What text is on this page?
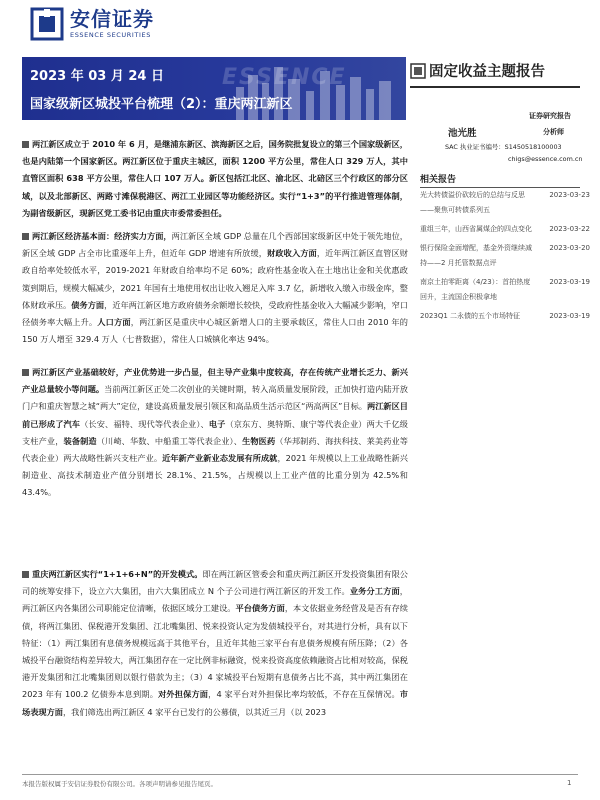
安信证券
ESSENCE SECURITIES
ESSENCE
2023 年 03 月 24 日
国家级新区城投平台梳理（2）：重庆两江新区
固定收益主题报告
证券研究报告
池光胜	分析师
SAC 执业证书编号：S1450518100003
chigs@essence.com.cn
相关报告
光大转债溢价砍较后的总结与反思——聚焦可转债系列五
2023-03-23
重组三年，山西省属煤企的四点变化	2023-03-22
银行保险金面增配，基金外资继续减持——2 月托管数据点评
2023-03-20
南京土拍零距离（4/23）：首拍热度回升，主流国企积极拿地
2023-03-19
2023Q1 二永债的五个市场特征	2023-03-19

两江新区成立于 2010 年 6 月，是继浦东新区、滨海新区之后，国务院批复设立的第三个国家级新区，也是内陆第一个国家新区。两江新区位于重庆主城区，面积 1200 平方公里，常住人口 329 万人，其中直管区面积 638 平方公里，常住人口 107 万人。新区包括江北区、渝北区、北碚区三个行政区的部分区域，以及北部新区、两路寸滩保税港区、两江工业园区等功能经济区。实行“1+3”的平行推进管理体制，为副省级新区，现新区党工委书记由重庆市委常委担任。

两江新区经济基本面：经济实力方面，两江新区全域 GDP 总量在几个西部国家级新区中处于领先地位，新区全域 GDP 占全市比重逐年上升，但近年 GDP 增速有所放缓，财政收入方面，近年两江新区直管区财政自给率处较低水平，2019-2021 年财政自给率均不足 60%；政府性基金收入在土地出让金和关优惠政策到期后，规模大幅减少，2021 年国有土地使用权出让收入翘足入库 3.7 亿，新增收入缴入市级金库，整体财政承压。债务方面，近年两江新区地方政府债务余额增长较快，受政府性基金收入大幅减少影响，窄口径债务率大幅上升。人口方面，两江新区是重庆中心城区新增人口的主要承载区，常住人口由 2010 年的 150 万人增至 329.4 万人（七普数据），常住人口城镇化率达 94%。

两江新区产业基础较好，产业优势进一步凸显，但主导产业集中度较高，存在传统产业增长乏力、新兴产业总量较小等问题。当前两江新区正处二次创业的关键时期，转入高质量发展阶段，正加快打造内陆开放门户和重庆智慧之城“两大”定位，建设高质量发展引领区和高品质生活示范区“两高两区”目标。两江新区目前已形成了汽车（长安、福特、现代等代表企业）、电子（京东方、奥特斯、康宁等代表企业）两大千亿级支柱产业，装备制造（川崎、华数、中船重工等代表企业）、生物医药（华邦制药、海扶科技、莱美药业等代表企业）两大战略性新兴支柱产业。近年新产业新业态发展有所成就，2021 年规模以上工业战略性新兴制造业、高技术制造业产值分别增长 28.1%、21.5%，占规模以上工业产值的比重分别为 42.5%和 43.4%。

重庆两江新区实行“1+1+6+N”的开发模式。即在两江新区管委会和重庆两江新区开发投资集团有限公司的统筹安排下，设立六大集团，由六大集团成立 N 个子公司进行两江新区的开发工作。业务分工方面，两江新区内各集团公司职能定位清晰，依据区域分工建设。平台债务方面，本文依据业务经营及是否有存续债，将两江集团、保税港开发集团、江北嘴集团、悦来投资认定为发债城投平台，对其进行分析，具有以下特征：（1）两江集团有息债务规模远高于其他平台，且近年其他三家平台有息债务规模有所压降；（2）各城投平台融资结构差异较大，两江集团存在一定比例非标融资，悦来投资高度依赖融资占比相对较高，保税港开发集团和江北嘴集团则以银行借款为主；（3）4 家城投平台短期有息债务占比不高，其中两江集团在 2023 年有 100.2 亿债券本息到期。对外担保方面，4 家平台对外担保比率均较低，不存在互保情况。市场表现方面，我们筛选出两江新区 4 家平台已发行的公募债，以其近三月（以 2023

本报告版权属于安信证券股份有限公司。各项声明请参见报告尾页。	1
